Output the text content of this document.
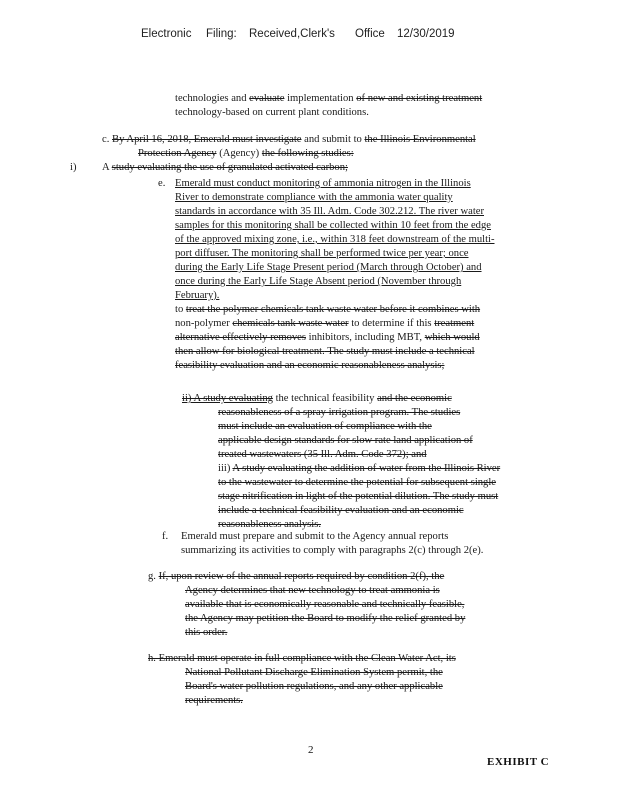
Electronic Filing: Received,Clerk's Office 12/30/2019
technologies and evaluate implementation of new and existing treatment
technology-based on current plant conditions.
c. By April 16, 2018, Emerald must investigate and submit to the Illinois Environmental
Protection Agency (Agency) the following studies:
i) A study evaluating the use of granulated activated carbon;
e. Emerald must conduct monitoring of ammonia nitrogen in the Illinois
River to demonstrate compliance with the ammonia water quality
standards in accordance with 35 Ill. Adm. Code 302.212. The river water
samples for this monitoring shall be collected within 10 feet from the edge
of the approved mixing zone, i.e., within 318 feet downstream of the multi-
port diffuser. The monitoring shall be performed twice per year; once
during the Early Life Stage Present period (March through October) and
once during the Early Life Stage Absent period (November through
February).
to treat the polymer chemicals tank waste water before it combines with
non-polymer chemicals tank waste water to determine if this treatment
alternative effectively removes inhibitors, including MBT, which would
then allow for biological treatment. The study must include a technical
feasibility evaluation and an economic reasonableness analysis;
ii) A study evaluating the technical feasibility and the economic
reasonableness of a spray irrigation program. The studies
must include an evaluation of compliance with the
applicable design standards for slow rate land application of
treated wastewaters (35 Ill. Adm. Code 372); and
iii) A study evaluating the addition of water from the Illinois River
to the wastewater to determine the potential for subsequent single
stage nitrification in light of the potential dilution. The study must
include a technical feasibility evaluation and an economic
reasonableness analysis.
f. Emerald must prepare and submit to the Agency annual reports
summarizing its activities to comply with paragraphs 2(c) through 2(e).
g. If, upon review of the annual reports required by condition 2(f), the
Agency determines that new technology to treat ammonia is
available that is economically reasonable and technically feasible,
the Agency may petition the Board to modify the relief granted by
this order.
h. Emerald must operate in full compliance with the Clean Water Act, its
National Pollutant Discharge Elimination System permit, the
Board's water pollution regulations, and any other applicable
requirements.
2
EXHIBIT C
